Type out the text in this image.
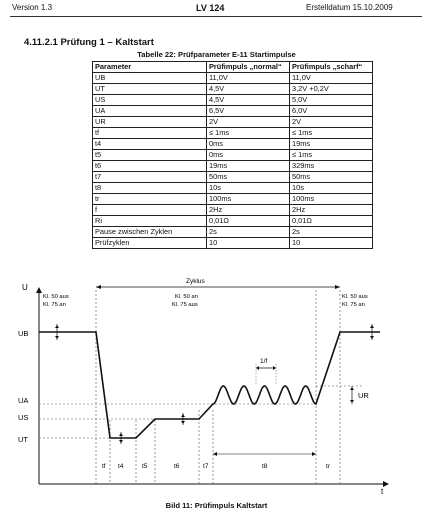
Version 1.3	LV 124	Erstelldatum 15.10.2009
4.11.2.1 Prüfung 1 – Kaltstart
Tabelle 22: Prüfparameter E-11 Startimpulse
Parameter	Prüfimpuls „normal“	Prüfimpuls „scharf“
UB	11,0V	11,0V
UT	4,5V	3,2V +0,2V
US	4,5V	5,0V
UA	6,5V	6,0V
UR	2V	2V
tf	≤ 1ms	≤ 1ms
t4	0ms	19ms
t5	0ms	≤ 1ms
t6	19ms	329ms
t7	50ms	50ms
t8	10s	10s
tr	100ms	100ms
f	2Hz	2Hz
Ri	0,01Ω	0,01Ω
Pause zwischen Zyklen	2s	2s
Prüfzyklen	10	10
U
t
UB
UA
US
UT
Zyklus
Kl. 50 aus
Kl. 75 an
Kl. 50 an
Kl. 75 aus
Kl. 50 aus
Kl. 75 an
UR
1/f
tf t4	t5	t6	t7	t8	tr
Bild 11: Prüfimpuls Kaltstart
